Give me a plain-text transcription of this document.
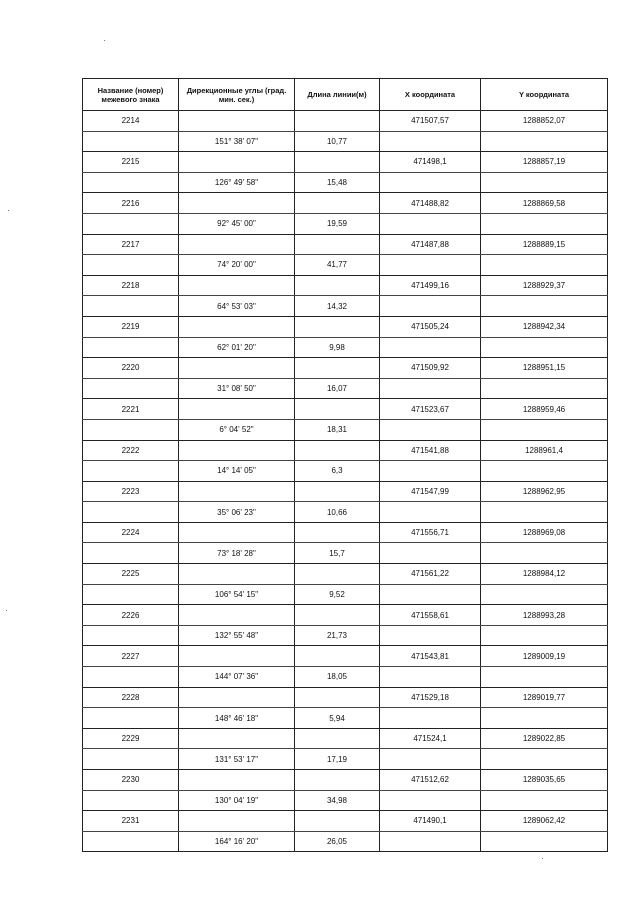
Название (номер) межевого знака	Дирекционные углы (град. мин. сек.)	Длина линии(м)	X координата	Y координата
2214			471507,57	1288852,07
	151° 38' 07"	10,77		
2215			471498,1	1288857,19
	126° 49' 58"	15,48		
2216			471488,82	1288869,58
	92° 45' 00"	19,59		
2217			471487,88	1288889,15
	74° 20' 00"	41,77		
2218			471499,16	1288929,37
	64° 53' 03"	14,32		
2219			471505,24	1288942,34
	62° 01' 20"	9,98		
2220			471509,92	1288951,15
	31° 08' 50"	16,07		
2221			471523,67	1288959,46
	6° 04' 52"	18,31		
2222			471541,88	1288961,4
	14° 14' 05"	6,3		
2223			471547,99	1288962,95
	35° 06' 23"	10,66		
2224			471556,71	1288969,08
	73° 18' 28"	15,7		
2225			471561,22	1288984,12
	106° 54' 15"	9,52		
2226			471558,61	1288993,28
	132° 55' 48"	21,73		
2227			471543,81	1289009,19
	144° 07' 36"	18,05		
2228			471529,18	1289019,77
	148° 46' 18"	5,94		
2229			471524,1	1289022,85
	131° 53' 17"	17,19		
2230			471512,62	1289035,65
	130° 04' 19"	34,98		
2231			471490,1	1289062,42
	164° 16' 20"	26,05		
